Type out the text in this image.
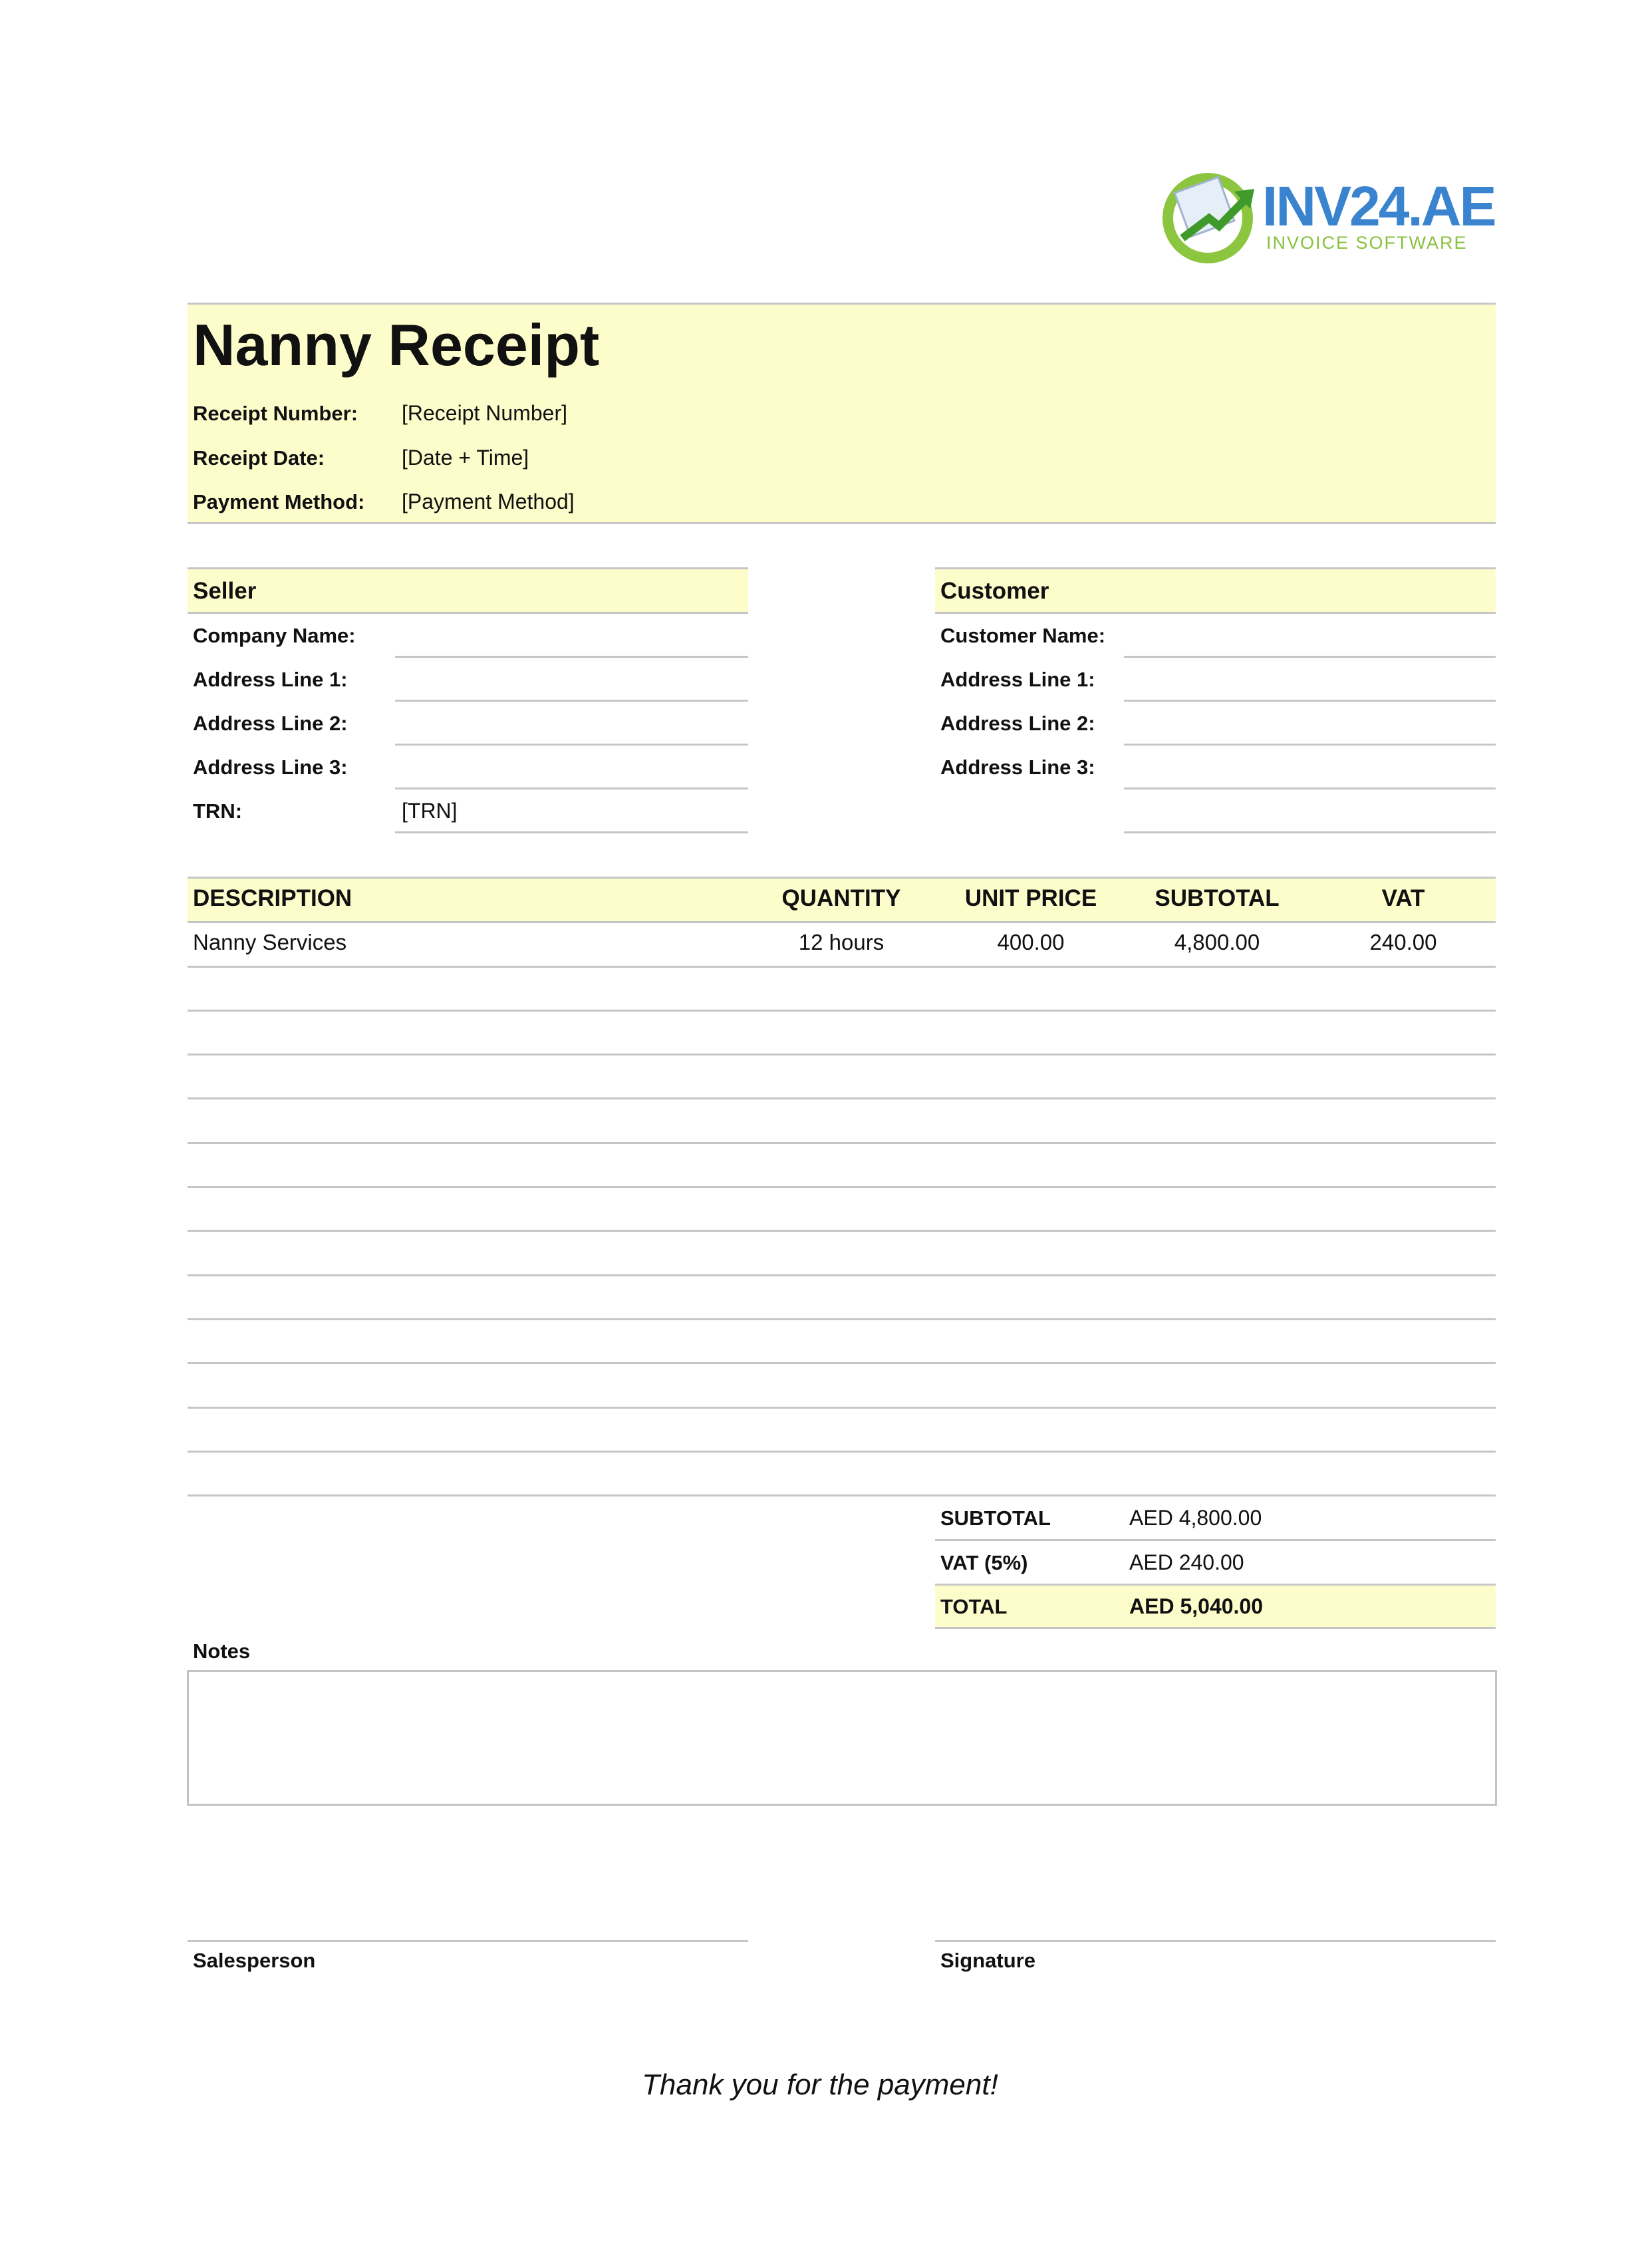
INV24.AE
INVOICE SOFTWARE
Nanny Receipt
Receipt Number: [Receipt Number]
Receipt Date:	[Date + Time]
Payment Method: [Payment Method]
Seller
Company Name:
Address Line 1:
Address Line 2:
Address Line 3:
TRN:	[TRN]
Customer
Customer Name:
Address Line 1:
Address Line 2:
Address Line 3:
DESCRIPTION	QUANTITY	UNIT PRICE	SUBTOTAL	VAT
Nanny Services	12 hours	400.00	4,800.00	240.00
SUBTOTAL	AED 4,800.00
VAT (5%)	AED 240.00
TOTAL	AED 5,040.00
Notes
Salesperson	Signature
Thank you for the payment!
